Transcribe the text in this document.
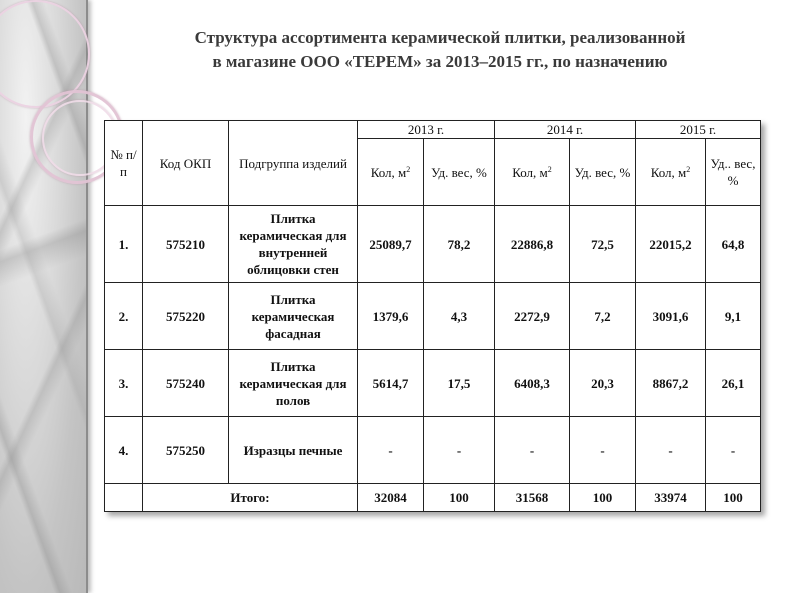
Структура ассортимента керамической плитки, реализованной
в магазине ООО «ТЕРЕМ» за 2013–2015 гг., по назначению
№ п/п	Код ОКП	Подгруппа изделий	2013 г.		2014 г.		2015 г.	
			Кол, $м^2$	Уд. вес, %	Кол, $м^2$	Уд. вес, %	Кол, $м^2$	Уд.. вес, %
1.	575210	Плитка керамическая для внутренней облицовки стен	25089,7	78,2	22886,8	72,5	22015,2	64,8
2.	575220	Плитка керамическая фасадная	1379,6	4,3	2272,9	7,2	3091,6	9,1
3.	575240	Плитка керамическая для полов	5614,7	17,5	6408,3	20,3	8867,2	26,1
4.	575250	Изразцы печные	-	-	-	-	-	-
	Итого:		32084	100	31568	100	33974	100
